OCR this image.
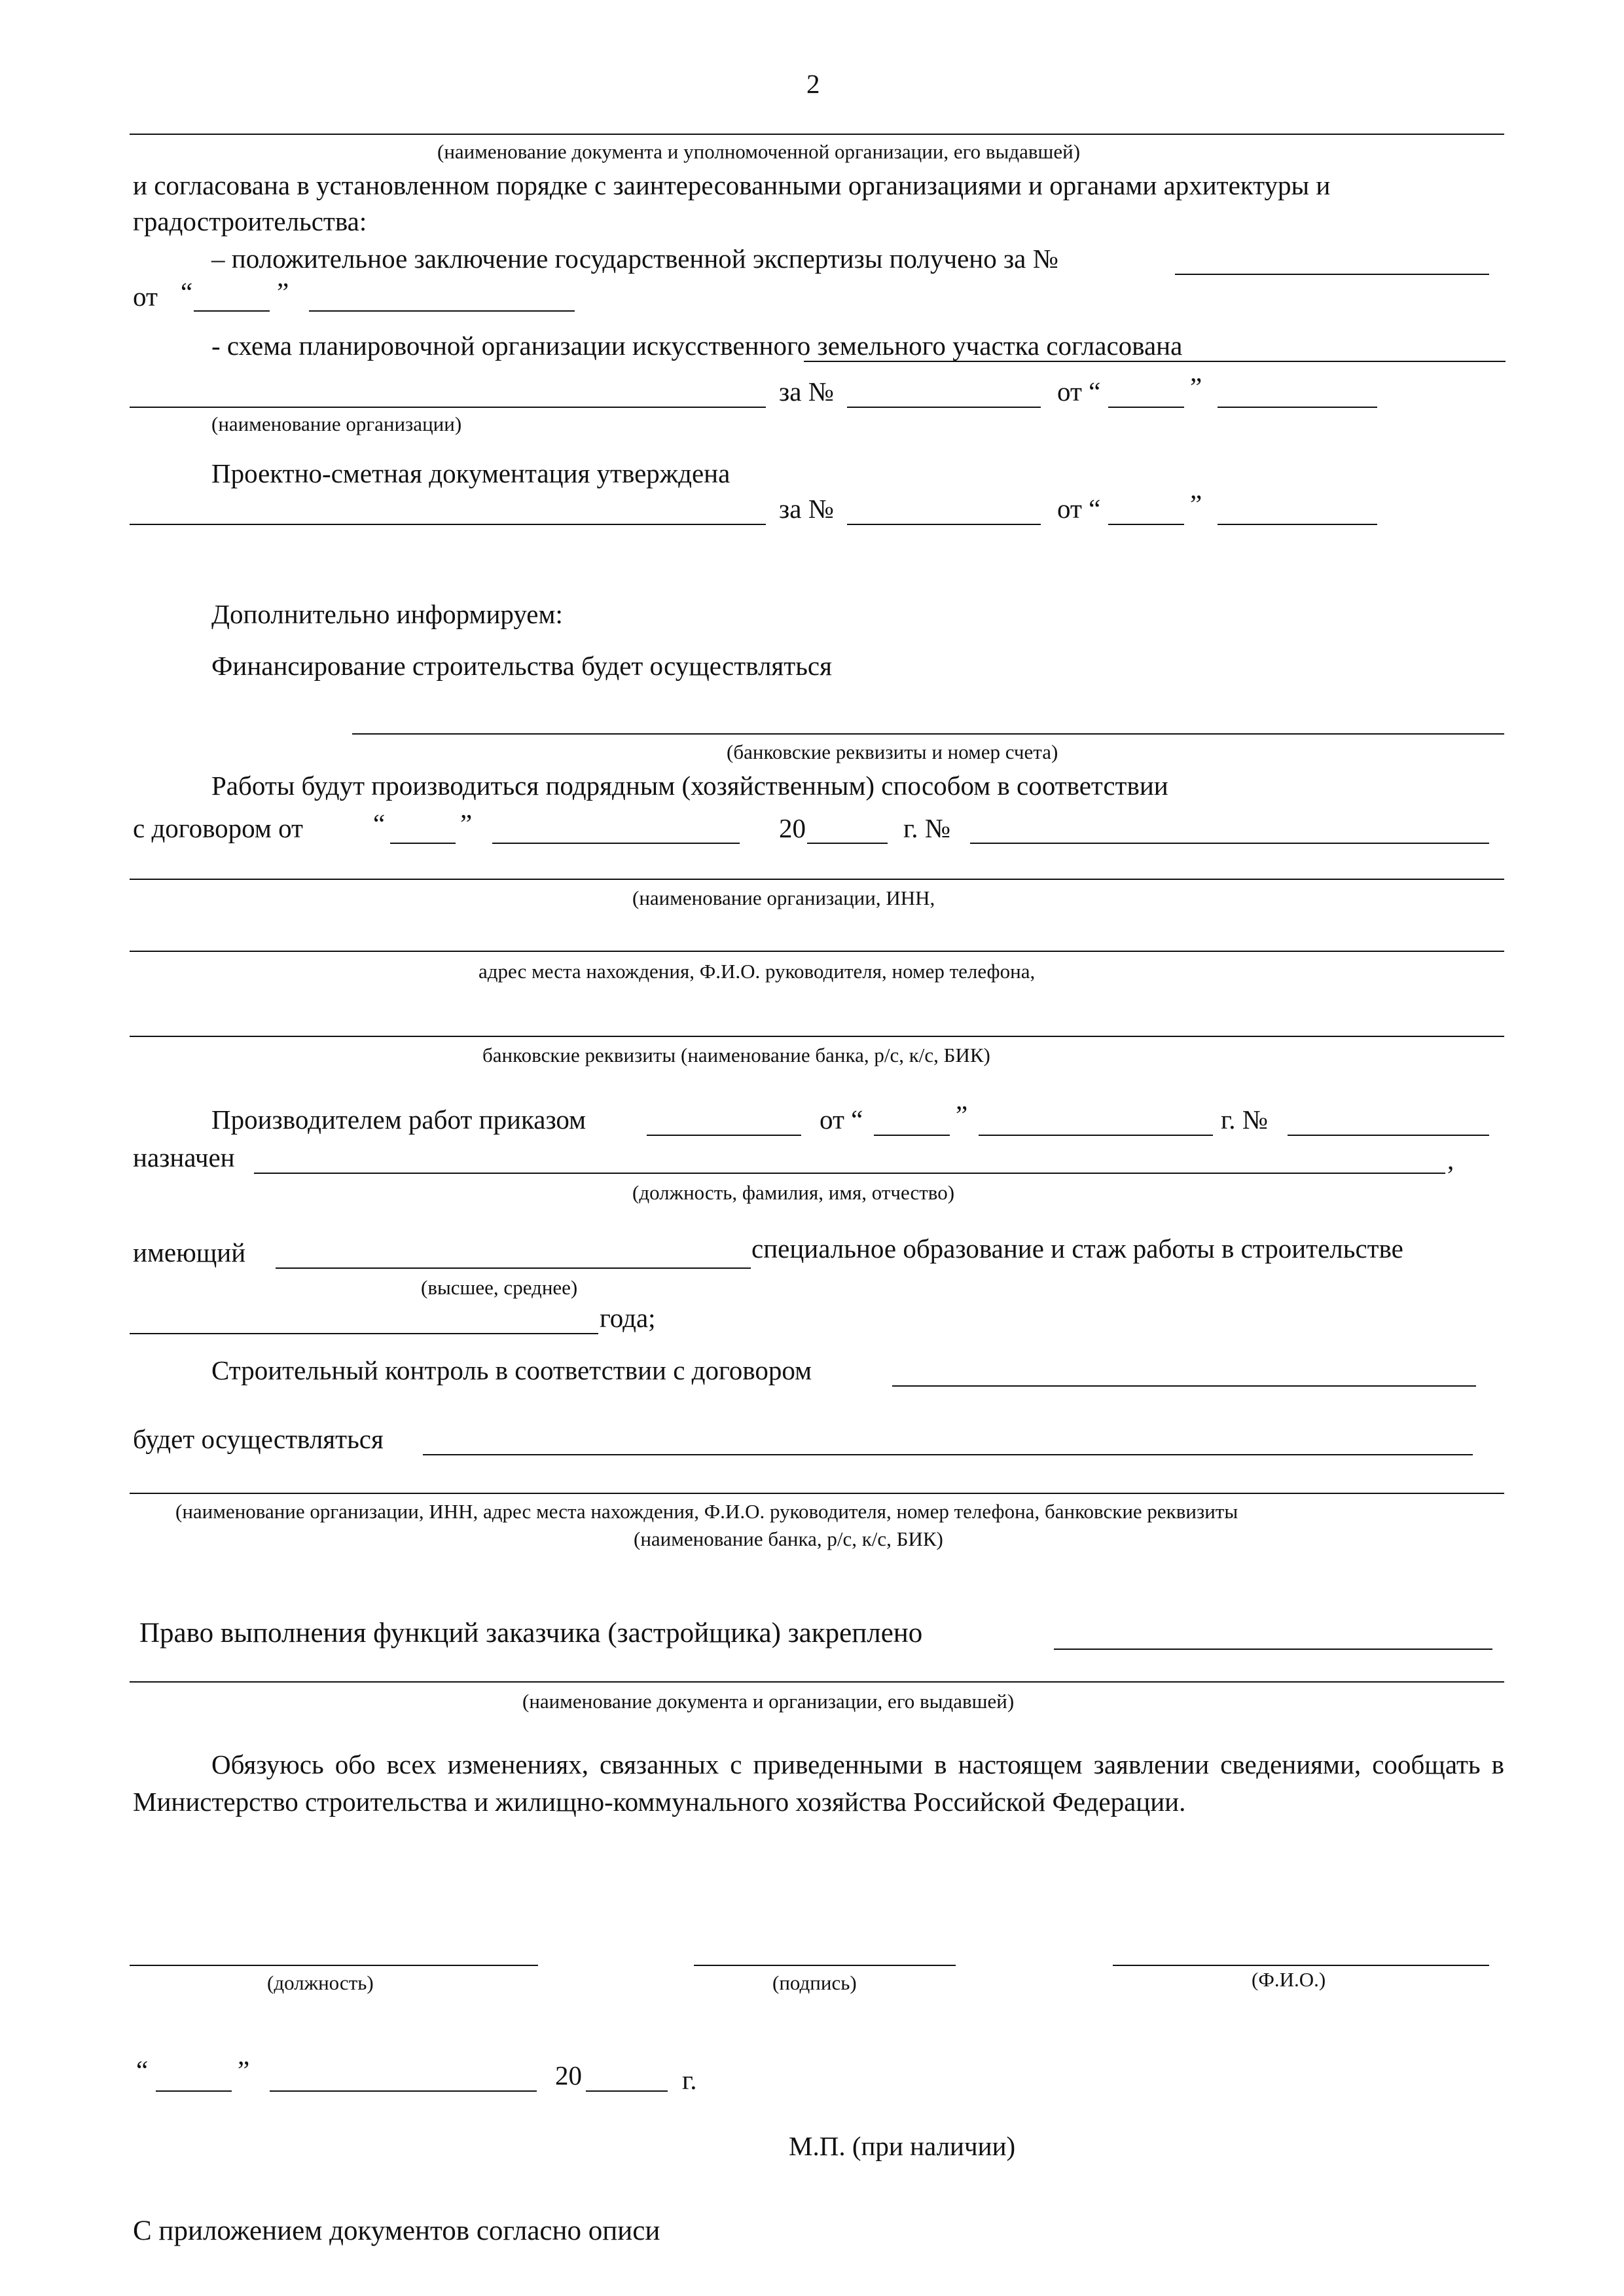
2
(наименование документа и уполномоченной организации, его выдавшей)
и согласована в установленном порядке с заинтересованными организациями и органами архитектуры и
градостроительства:
– положительное заключение государственной экспертизы получено за №
от “	”
- схема планировочной организации искусственного земельного участка согласована
за №	от “	”
(наименование организации)
Проектно-сметная документация утверждена
за №	от “	”
Дополнительно информируем:
Финансирование строительства будет осуществляться
(банковские реквизиты и номер счета)
Работы будут производиться подрядным (хозяйственным) способом в соответствии
с договором от	“	”	20	г. №
(наименование организации, ИНН,
адрес места нахождения, Ф.И.О. руководителя, номер телефона,
банковские реквизиты (наименование банка, р/с, к/с, БИК)
Производителем работ приказом	от “	”	г. №
назначен	,
(должность, фамилия, имя, отчество)
имеющий	специальное образование и стаж работы в строительстве
(высшее, среднее)
года;
Строительный контроль в соответствии с договором
будет осуществляться
(наименование организации, ИНН, адрес места нахождения, Ф.И.О. руководителя, номер телефона, банковские реквизиты
(наименование банка, р/с, к/с, БИК)
Право выполнения функций заказчика (застройщика) закреплено
(наименование документа и организации, его выдавшей)
Обязуюсь обо всех изменениях, связанных с приведенными в настоящем заявлении сведениями, сообщать в Министерство строительства и жилищно-коммунального хозяйства Российской Федерации.
(должность)	(подпись)	(Ф.И.О.)
“	”	20	г.
М.П. (при наличии)
С приложением документов согласно описи
